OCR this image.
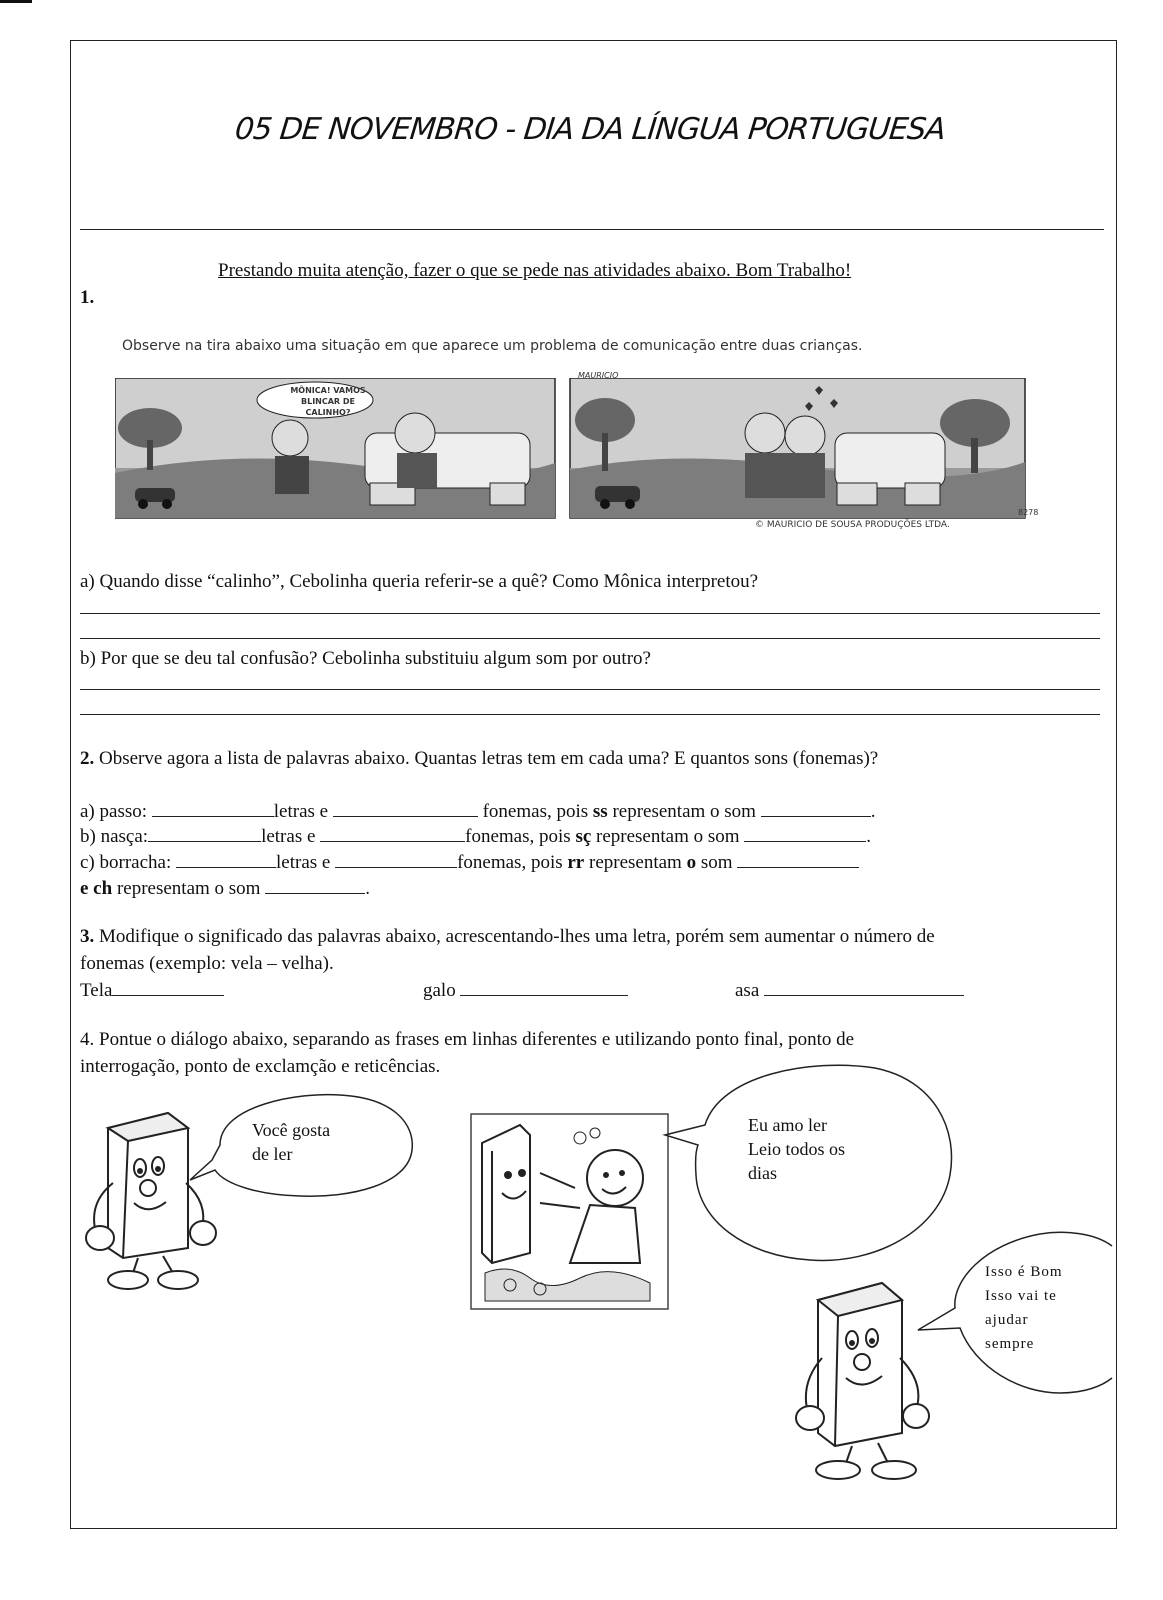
05 DE NOVEMBRO - DIA DA LÍNGUA PORTUGUESA
Prestando muita atenção, fazer o que se pede nas atividades abaixo. Bom Trabalho!
1.
Observe na tira abaixo uma situação em que aparece um problema de comunicação entre duas crianças.
MÔNICA! VAMOS
BLINCAR DE
CALINHO?
MAURICIO
8278
© MAURICIO DE SOUSA PRODUÇÕES LTDA.
a) Quando disse “calinho”, Cebolinha queria referir-se a quê? Como Mônica interpretou?
b) Por que se deu tal confusão? Cebolinha substituiu algum som por outro?
2. Observe agora a lista de palavras abaixo. Quantas letras tem em cada uma? E quantos sons (fonemas)?
a) passo:	letras e	fonemas, pois ss representam o som	.
b) nasça:	letras e	fonemas, pois sç representam o som	.
c) borracha:	letras e	fonemas, pois rr representam o som
e ch representam o som	.
3. Modifique o significado das palavras abaixo, acrescentando-lhes uma letra, porém sem aumentar o número de
fonemas (exemplo: vela – velha).
Tela	galo	asa
4. Pontue o diálogo abaixo, separando as frases em linhas diferentes e utilizando ponto final, ponto de
interrogação, ponto de exclamção e reticências.
Você gosta
de ler
Eu amo ler
Leio todos os
dias
Isso é Bom
Isso vai te
ajudar
sempre
